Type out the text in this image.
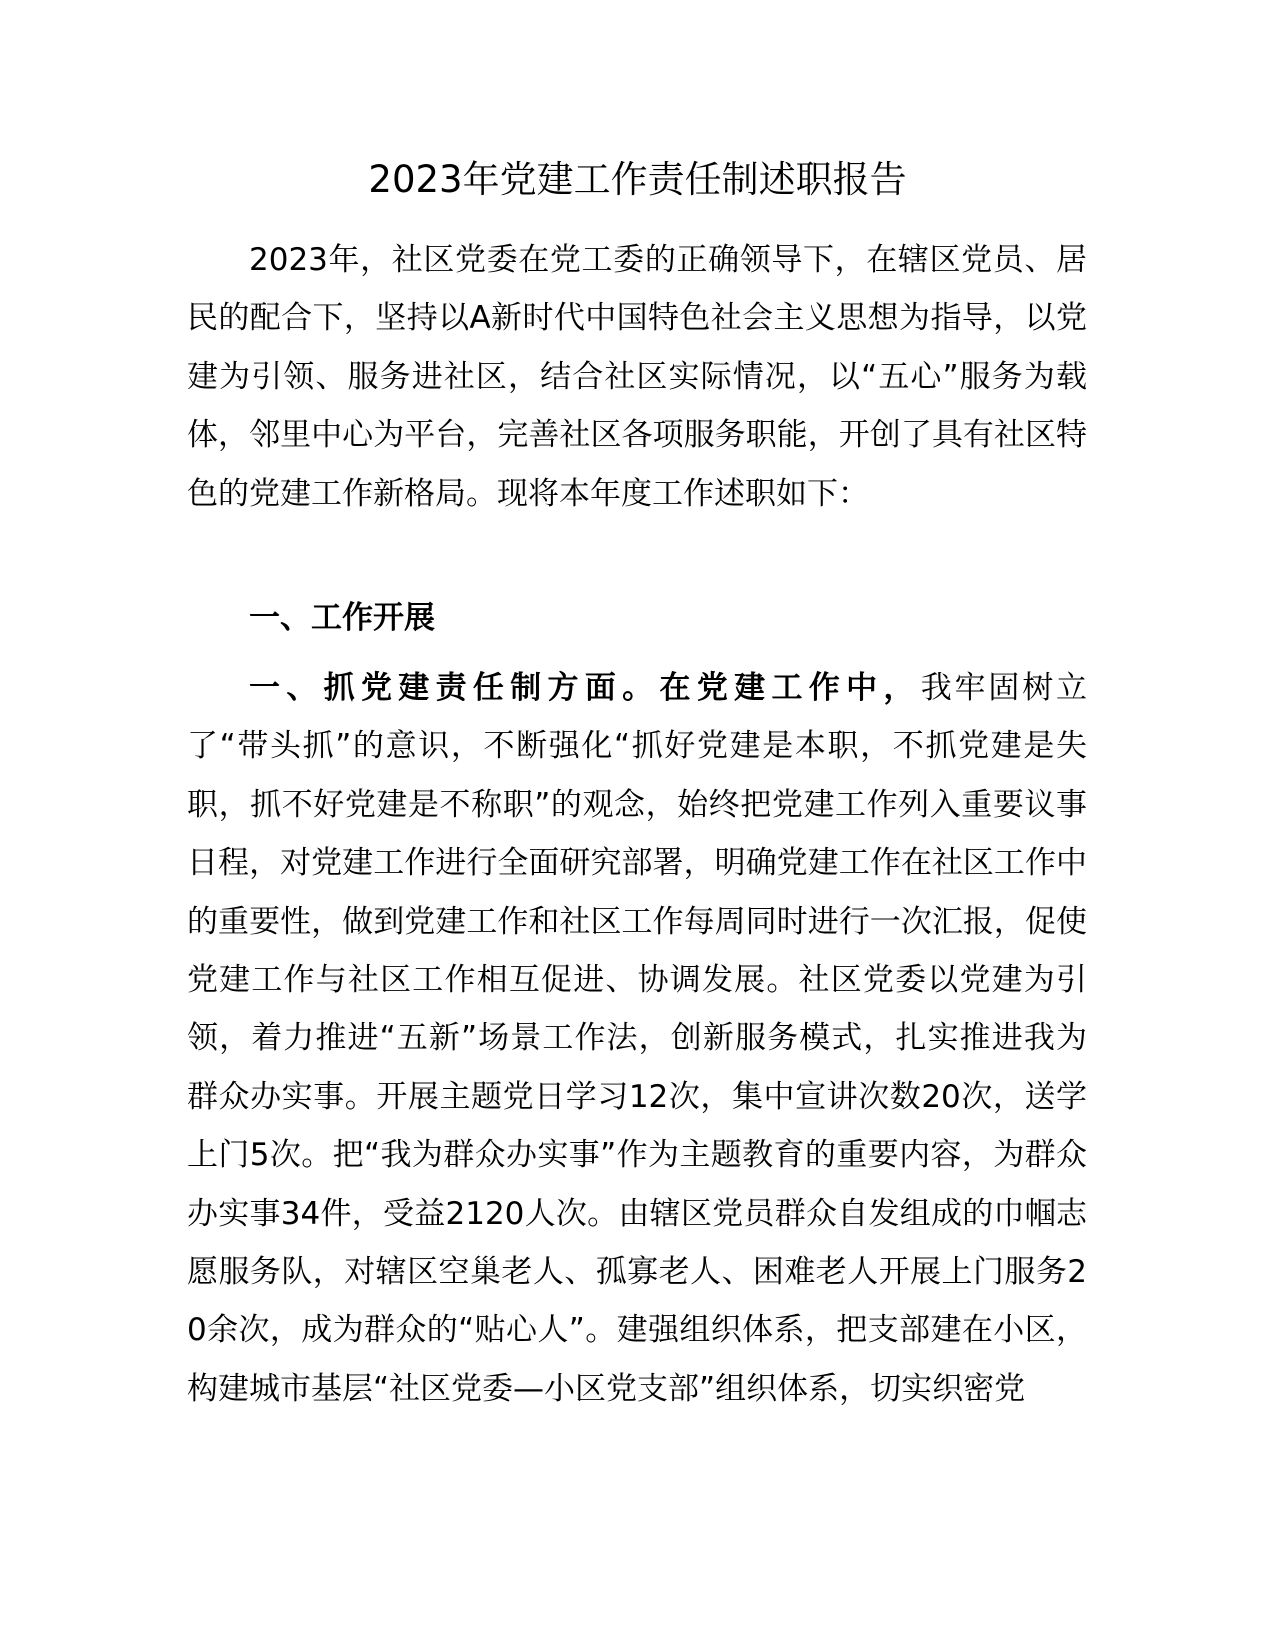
2023年党建工作责任制述职报告

2023年，社区党委在党工委的正确领导下，在辖区党员、居民的配合下，坚持以A新时代中国特色社会主义思想为指导，以党建为引领、服务进社区，结合社区实际情况，以“五心”服务为载体，邻里中心为平台，完善社区各项服务职能，开创了具有社区特色的党建工作新格局。现将本年度工作述职如下：

一、工作开展

一、抓党建责任制方面。在党建工作中，我牢固树立了“带头抓”的意识，不断强化“抓好党建是本职，不抓党建是失职，抓不好党建是不称职”的观念，始终把党建工作列入重要议事日程，对党建工作进行全面研究部署，明确党建工作在社区工作中的重要性，做到党建工作和社区工作每周同时进行一次汇报，促使党建工作与社区工作相互促进、协调发展。社区党委以党建为引领，着力推进“五新”场景工作法，创新服务模式，扎实推进我为群众办实事。开展主题党日学习12次，集中宣讲次数20次，送学上门5次。把“我为群众办实事”作为主题教育的重要内容，为群众办实事34件，受益2120人次。由辖区党员群众自发组成的巾帼志愿服务队，对辖区空巢老人、孤寡老人、困难老人开展上门服务20余次，成为群众的“贴心人”。建强组织体系，把支部建在小区，构建城市基层“社区党委—小区党支部”组织体系，切实织密党
